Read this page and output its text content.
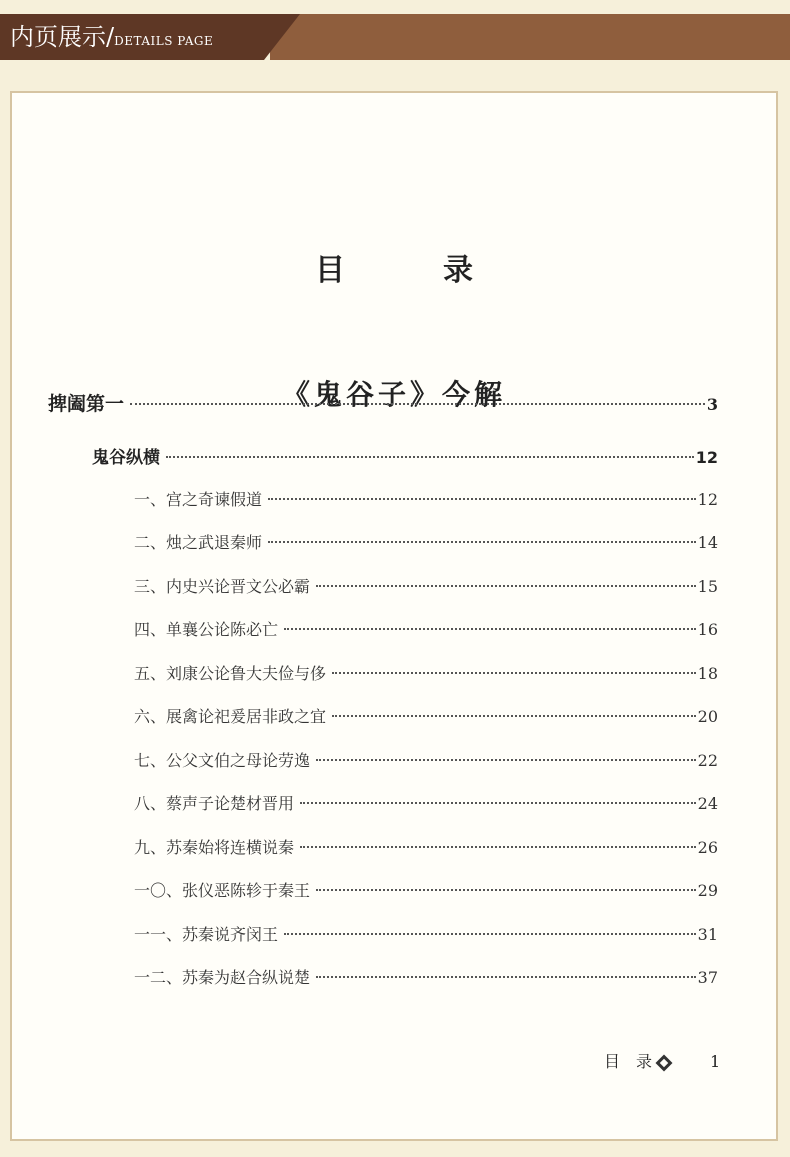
内页展示/DETAILS PAGE
目　录
《鬼谷子》今解
捭阖第一	3
鬼谷纵横	12
一、宫之奇谏假道	12
二、烛之武退秦师	14
三、内史兴论晋文公必霸	15
四、单襄公论陈必亡	16
五、刘康公论鲁大夫俭与侈	18
六、展禽论祀爰居非政之宜	20
七、公父文伯之母论劳逸	22
八、蔡声子论楚材晋用	24
九、苏秦始将连横说秦	26
一〇、张仪恶陈轸于秦王	29
一一、苏秦说齐闵王	31
一二、苏秦为赵合纵说楚	37
目　录	1
